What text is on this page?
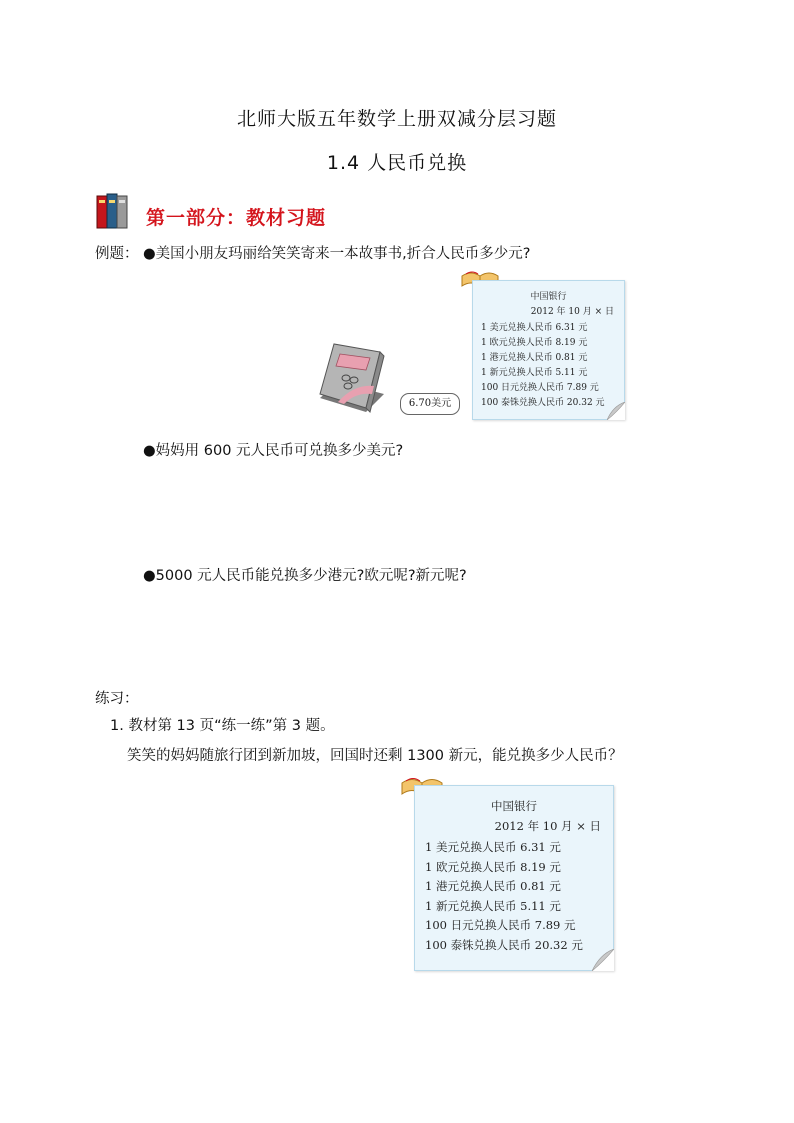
北师大版五年数学上册双减分层习题
1.4 人民币兑换
第一部分：教材习题
例题： ●美国小朋友玛丽给笑笑寄来一本故事书,折合人民币多少元?
6.70美元
中国银行
2012 年 10 月 × 日
1 美元兑换人民币 6.31 元
1 欧元兑换人民币 8.19 元
1 港元兑换人民币 0.81 元
1 新元兑换人民币 5.11 元
100 日元兑换人民币 7.89 元
100 泰铢兑换人民币 20.32 元
●妈妈用 600 元人民币可兑换多少美元?
●5000 元人民币能兑换多少港元?欧元呢?新元呢?
练习：
1. 教材第 13 页“练一练”第 3 题。
笑笑的妈妈随旅行团到新加坡，回国时还剩 1300 新元，能兑换多少人民币？
中国银行
2012 年 10 月 × 日
1 美元兑换人民币 6.31 元
1 欧元兑换人民币 8.19 元
1 港元兑换人民币 0.81 元
1 新元兑换人民币 5.11 元
100 日元兑换人民币 7.89 元
100 泰铢兑换人民币 20.32 元
